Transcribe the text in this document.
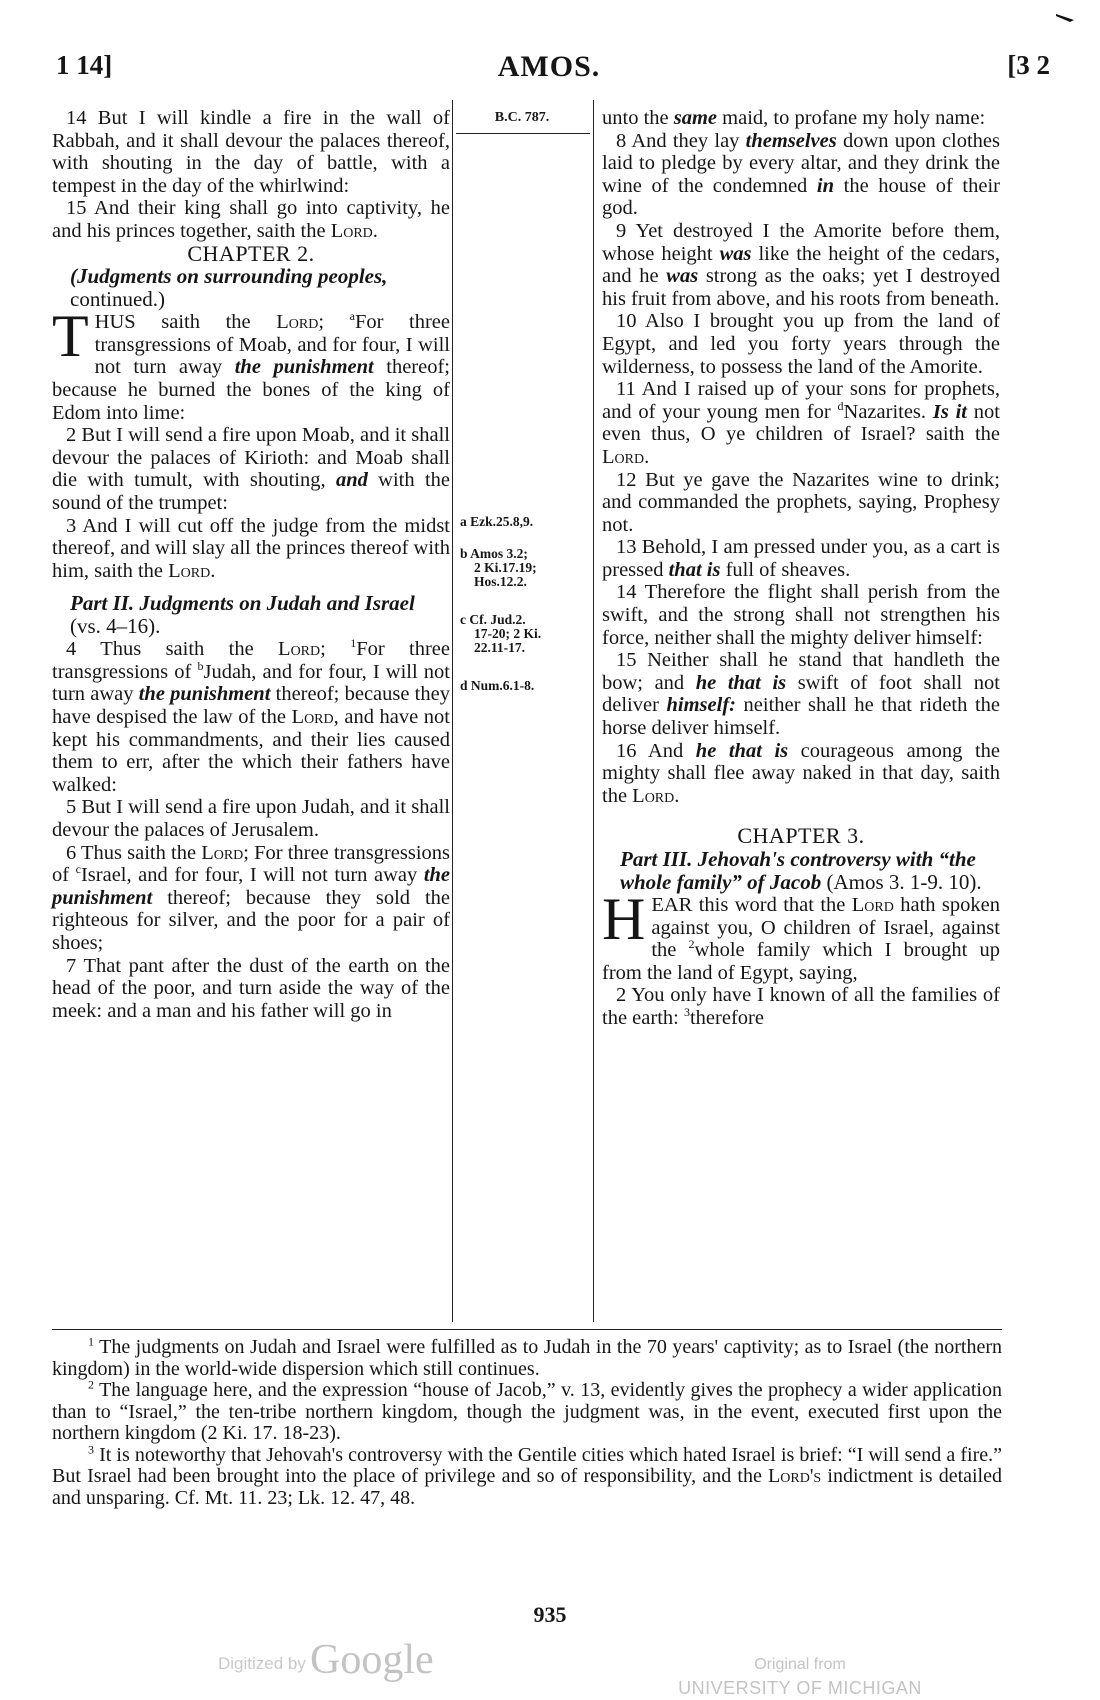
1 14]	AMOS.	[3 2

14 But I will kindle a fire in the wall of Rabbah, and it shall devour the palaces thereof, with shouting in the day of battle, with a tempest in the day of the whirlwind:

15 And their king shall go into captivity, he and his princes together, saith the Lord.

CHAPTER 2.

(Judgments on surrounding peoples, continued.)

THUS saith the Lord; $^a$For three transgressions of Moab, and for four, I will not turn away the punishment thereof; because he burned the bones of the king of Edom into lime:

2 But I will send a fire upon Moab, and it shall devour the palaces of Kirioth: and Moab shall die with tumult, with shouting, and with the sound of the trumpet:

3 And I will cut off the judge from the midst thereof, and will slay all the princes thereof with him, saith the Lord.

Part II. Judgments on Judah and Israel (vs. 4–16).

4 Thus saith the Lord; $^1$For three transgressions of $^b$Judah, and for four, I will not turn away the punishment thereof; because they have despised the law of the Lord, and have not kept his commandments, and their lies caused them to err, after the which their fathers have walked:

5 But I will send a fire upon Judah, and it shall devour the palaces of Jerusalem.

6 Thus saith the Lord; For three transgressions of $^c$Israel, and for four, I will not turn away the punishment thereof; because they sold the righteous for silver, and the poor for a pair of shoes;

7 That pant after the dust of the earth on the head of the poor, and turn aside the way of the meek: and a man and his father will go in

B.C. 787.
a Ezk.25.8,9.
b Amos 3.2;
2 Ki.17.19;
Hos.12.2.
c Cf. Jud.2.
17-20; 2 Ki.
22.11-17.
d Num.6.1-8.

unto the same maid, to profane my holy name:

8 And they lay themselves down upon clothes laid to pledge by every altar, and they drink the wine of the condemned in the house of their god.

9 Yet destroyed I the Amorite before them, whose height was like the height of the cedars, and he was strong as the oaks; yet I destroyed his fruit from above, and his roots from beneath.

10 Also I brought you up from the land of Egypt, and led you forty years through the wilderness, to possess the land of the Amorite.

11 And I raised up of your sons for prophets, and of your young men for $^d$Nazarites. Is it not even thus, O ye children of Israel? saith the Lord.

12 But ye gave the Nazarites wine to drink; and commanded the prophets, saying, Prophesy not.

13 Behold, I am pressed under you, as a cart is pressed that is full of sheaves.

14 Therefore the flight shall perish from the swift, and the strong shall not strengthen his force, neither shall the mighty deliver himself:

15 Neither shall he stand that handleth the bow; and he that is swift of foot shall not deliver himself: neither shall he that rideth the horse deliver himself.

16 And he that is courageous among the mighty shall flee away naked in that day, saith the Lord.

CHAPTER 3.

Part III. Jehovah's controversy with “the whole family” of Jacob (Amos 3. 1-9. 10).

HEAR this word that the Lord hath spoken against you, O children of Israel, against the $^2$whole family which I brought up from the land of Egypt, saying,

2 You only have I known of all the families of the earth: $^3$therefore

$^1$ The judgments on Judah and Israel were fulfilled as to Judah in the 70 years' captivity; as to Israel (the northern kingdom) in the world-wide dispersion which still continues.

$^2$ The language here, and the expression “house of Jacob,” v. 13, evidently gives the prophecy a wider application than to “Israel,” the ten-tribe northern kingdom, though the judgment was, in the event, executed first upon the northern kingdom (2 Ki. 17. 18-23).

$^3$ It is noteworthy that Jehovah's controversy with the Gentile cities which hated Israel is brief: “I will send a fire.” But Israel had been brought into the place of privilege and so of responsibility, and the Lord's indictment is detailed and unsparing. Cf. Mt. 11. 23; Lk. 12. 47, 48.

935
Digitized by Google	Original from
UNIVERSITY OF MICHIGAN
